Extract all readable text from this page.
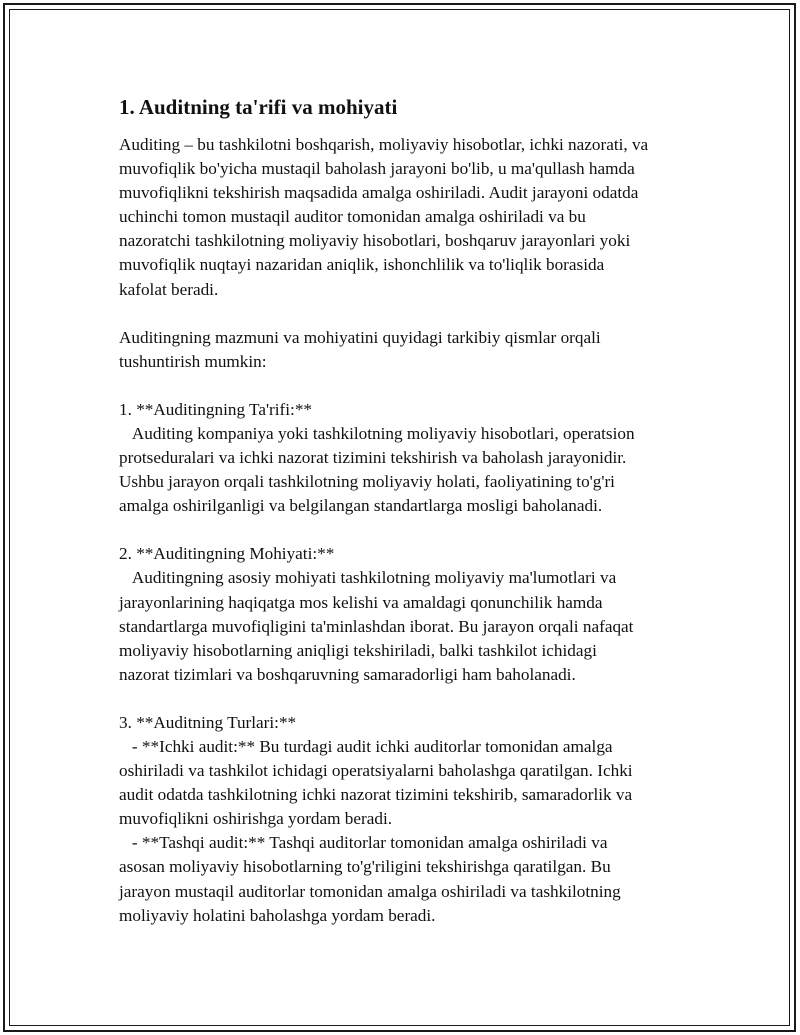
1. Auditning ta'rifi va mohiyati

Auditing – bu tashkilotni boshqarish, moliyaviy hisobotlar, ichki nazorati, va
muvofiqlik bo'yicha mustaqil baholash jarayoni bo'lib, u ma'qullash hamda
muvofiqlikni tekshirish maqsadida amalga oshiriladi. Audit jarayoni odatda
uchinchi tomon mustaqil auditor tomonidan amalga oshiriladi va bu
nazoratchi tashkilotning moliyaviy hisobotlari, boshqaruv jarayonlari yoki
muvofiqlik nuqtayi nazaridan aniqlik, ishonchlilik va to'liqlik borasida
kafolat beradi.

Auditingning mazmuni va mohiyatini quyidagi tarkibiy qismlar orqali
tushuntirish mumkin:

1. **Auditingning Ta'rifi:**

Auditing kompaniya yoki tashkilotning moliyaviy hisobotlari, operatsion
protseduralari va ichki nazorat tizimini tekshirish va baholash jarayonidir.
Ushbu jarayon orqali tashkilotning moliyaviy holati, faoliyatining to'g'ri
amalga oshirilganligi va belgilangan standartlarga mosligi baholanadi.

2. **Auditingning Mohiyati:**

Auditingning asosiy mohiyati tashkilotning moliyaviy ma'lumotlari va
jarayonlarining haqiqatga mos kelishi va amaldagi qonunchilik hamda
standartlarga muvofiqligini ta'minlashdan iborat. Bu jarayon orqali nafaqat
moliyaviy hisobotlarning aniqligi tekshiriladi, balki tashkilot ichidagi
nazorat tizimlari va boshqaruvning samaradorligi ham baholanadi.

3. **Auditning Turlari:**

- **Ichki audit:** Bu turdagi audit ichki auditorlar tomonidan amalga
oshiriladi va tashkilot ichidagi operatsiyalarni baholashga qaratilgan. Ichki
audit odatda tashkilotning ichki nazorat tizimini tekshirib, samaradorlik va
muvofiqlikni oshirishga yordam beradi.
- **Tashqi audit:** Tashqi auditorlar tomonidan amalga oshiriladi va
asosan moliyaviy hisobotlarning to'g'riligini tekshirishga qaratilgan. Bu
jarayon mustaqil auditorlar tomonidan amalga oshiriladi va tashkilotning
moliyaviy holatini baholashga yordam beradi.
